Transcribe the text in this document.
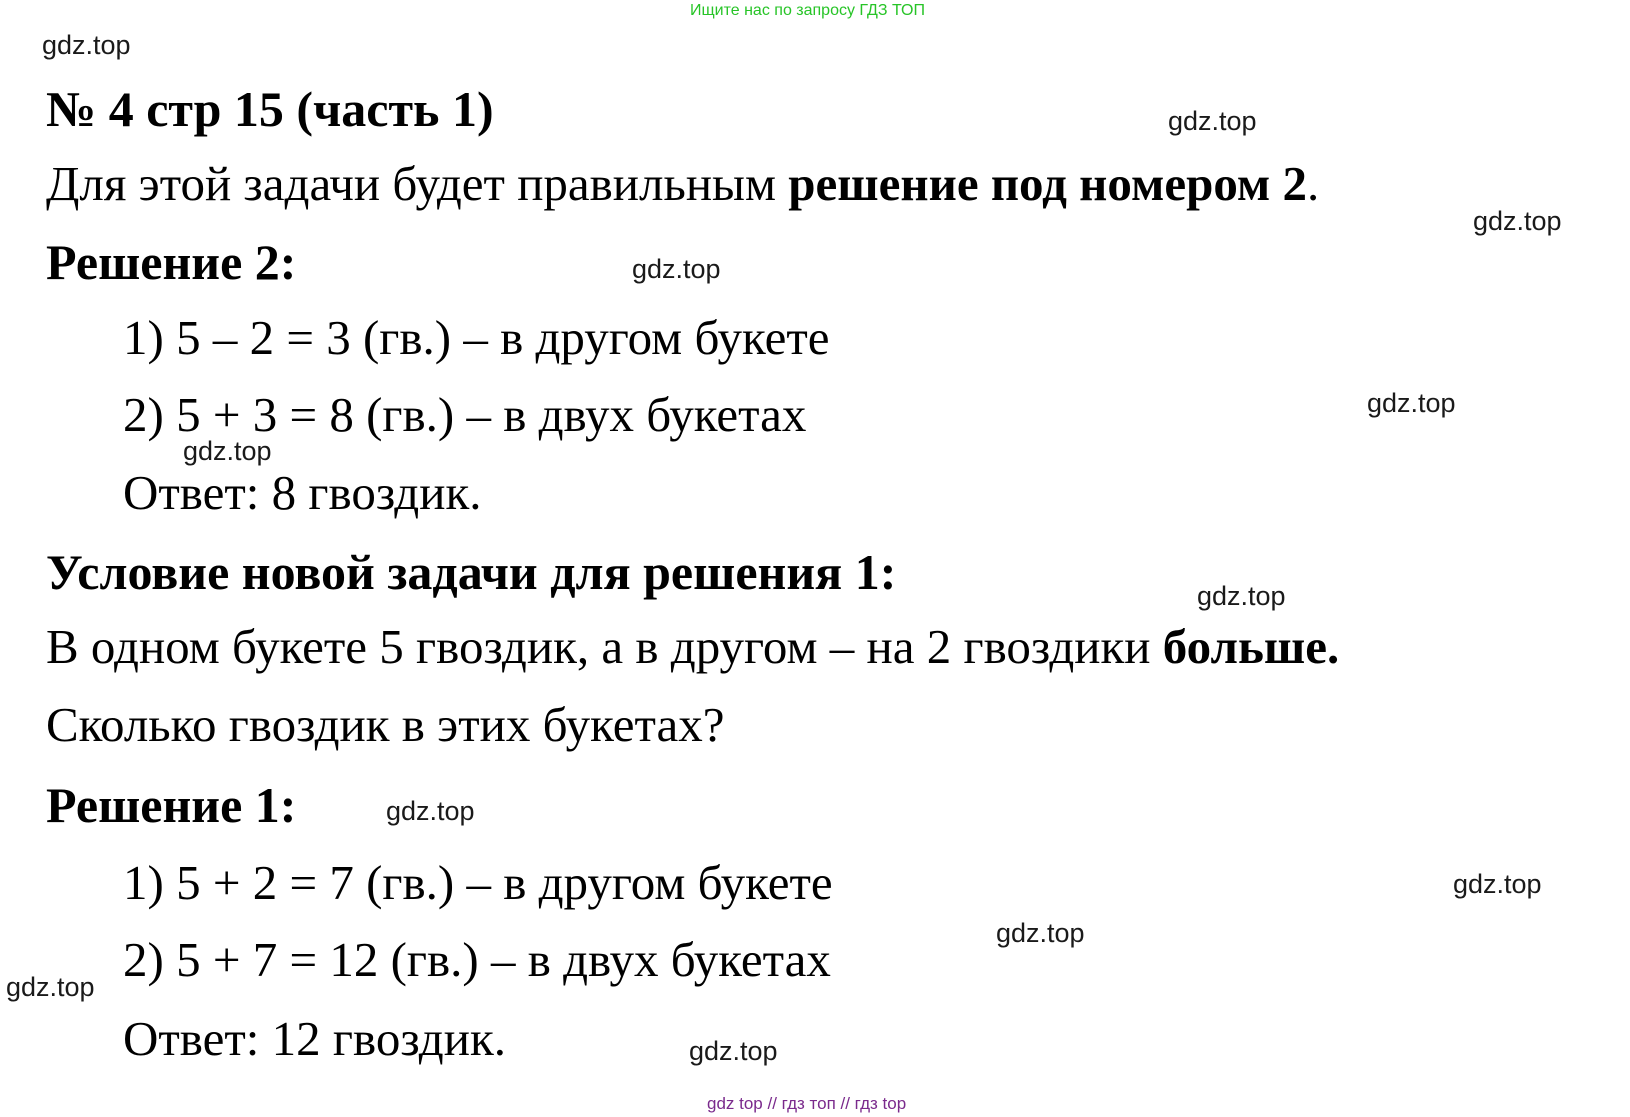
Ищите нас по запросу ГДЗ ТОП
gdz top // гдз топ // гдз top
№ 4 стр 15 (часть 1)
Для этой задачи будет правильным решение под номером 2.
Решение 2:
1) 5 – 2 = 3 (гв.) – в другом букете
2) 5 + 3 = 8 (гв.) – в двух букетах
Ответ: 8 гвоздик.
Условие новой задачи для решения 1:
В одном букете 5 гвоздик, а в другом – на 2 гвоздики больше.
Сколько гвоздик в этих букетах?
Решение 1:
1) 5 + 2 = 7 (гв.) – в другом букете
2) 5 + 7 = 12 (гв.) – в двух букетах
Ответ: 12 гвоздик.
gdz.top
gdz.top
gdz.top
gdz.top
gdz.top
gdz.top
gdz.top
gdz.top
gdz.top
gdz.top
gdz.top
gdz.top
